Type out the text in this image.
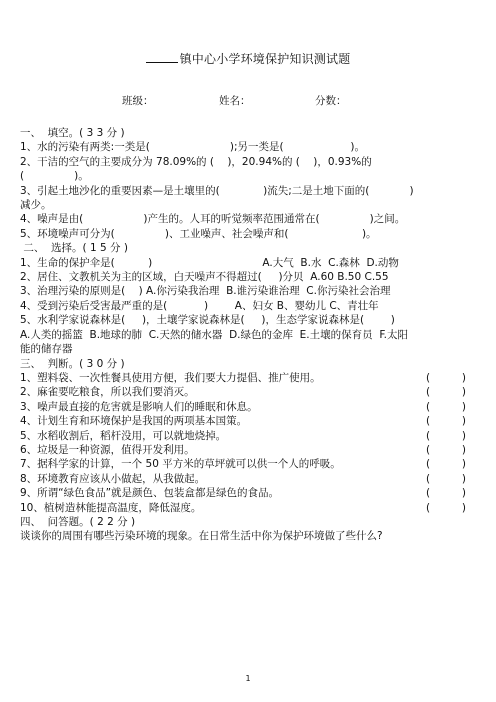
镇中心小学环境保护知识测试题
班级：	姓名：	分数：
一、  填空。( 3 3 分 )
1、水的污染有两类:一类是(                        );另一类是(                    )。
2、干洁的空气的主要成分为 78.09%的 (    )，20.94%的 (    )，0.93%的
(               )。
3、引起土地沙化的重要因素—是土壤里的(             )流失;二是土地下面的(            )
减少。
4、噪声是由(                  )产生的。人耳的听觉频率范围通常在(               )之间。
5、环境噪声可分为(               )、工业噪声、社会噪声和(                      )。
二、  选择。( 1 5 分 )
1、生命的保护伞是(          )                                 A.大气  B.水  C.森林  D.动物
2、居住、文教机关为主的区域，白天噪声不得超过(     )分贝  A.60 B.50 C.55
3、治理污染的原则是(    ) A.你污染我治理  B.谁污染谁治理  C.你污染社会治理
4、受到污染后受害最严重的是(           )        A、妇女 B、婴幼儿 C、青壮年
5、水利学家说森林是(     )，土壤学家说森林是(     )，生态学家说森林是(        )
A.人类的摇篮  B.地球的肺  C.天然的储水器  D.绿色的金库  E.土壤的保育员  F.太阳
能的储存器
三、  判断。( 3 0 分 )
1、塑料袋、一次性餐具使用方便，我们要大力提倡、推广使用。	(	)
2、麻雀要吃粮食，所以我们要消灭。	(	)
3、噪声最直接的危害就是影响人们的睡眠和休息。	(	)
4、计划生育和环境保护是我国的两项基本国策。	(	)
5、水稻收割后，稻杆没用，可以就地烧掉。	(	)
6、垃圾是一种资源，值得开发利用。	(	)
7、据科学家的计算，一个 50 平方米的草坪就可以供一个人的呼吸。	(	)
8、环境教育应该从小做起，从我做起。	(	)
9、所谓“绿色食品”就是颜色、包装盒都是绿色的食品。	(	)
10、植树造林能提高温度，降低湿度。	(	)
四、  问答题。( 2 2 分 )
谈谈你的周围有哪些污染环境的现象。在日常生活中你为保护环境做了些什么?
1
